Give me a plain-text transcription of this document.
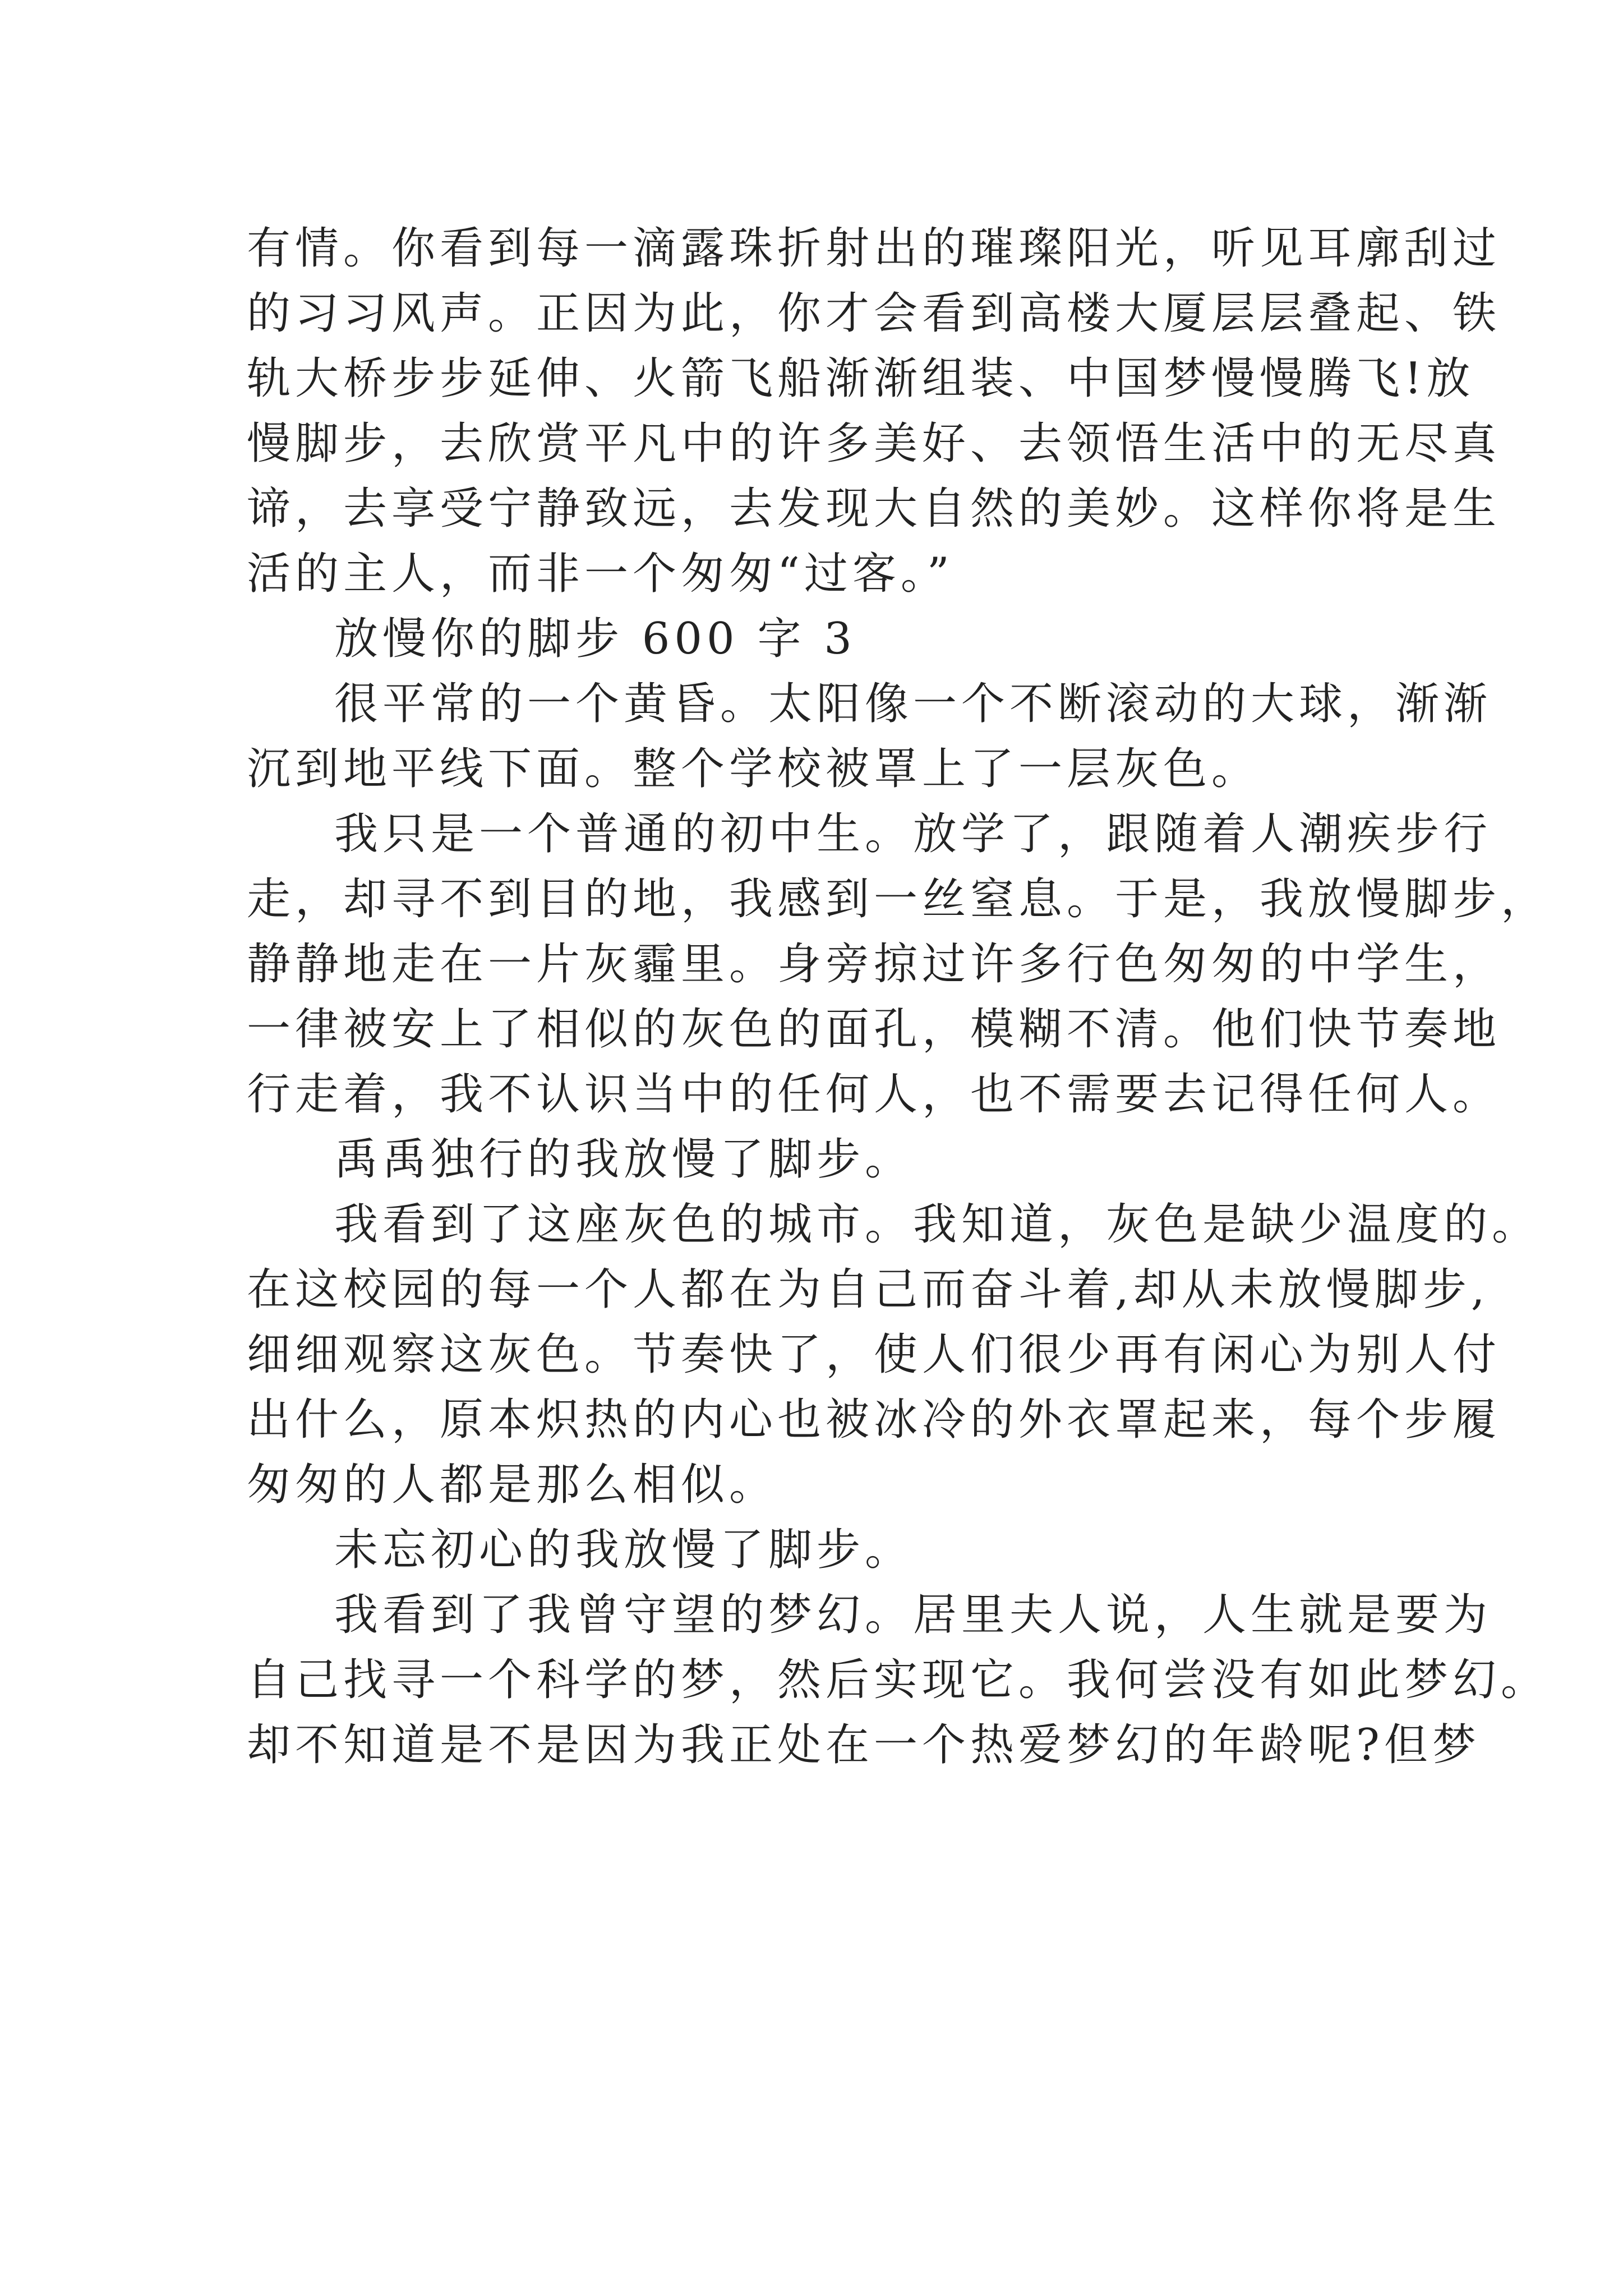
有情。你看到每一滴露珠折射出的璀璨阳光，听见耳廓刮过
的习习风声。正因为此，你才会看到高楼大厦层层叠起、铁
轨大桥步步延伸、火箭飞船渐渐组装、中国梦慢慢腾飞!放
慢脚步，去欣赏平凡中的许多美好、去领悟生活中的无尽真
谛，去享受宁静致远，去发现大自然的美妙。这样你将是生
活的主人，而非一个匆匆“过客。”
放慢你的脚步 600 字 3
很平常的一个黄昏。太阳像一个不断滚动的大球，渐渐
沉到地平线下面。整个学校被罩上了一层灰色。
我只是一个普通的初中生。放学了，跟随着人潮疾步行
走，却寻不到目的地，我感到一丝窒息。于是，我放慢脚步，
静静地走在一片灰霾里。身旁掠过许多行色匆匆的中学生，
一律被安上了相似的灰色的面孔，模糊不清。他们快节奏地
行走着，我不认识当中的任何人，也不需要去记得任何人。
禹禹独行的我放慢了脚步。
我看到了这座灰色的城市。我知道，灰色是缺少温度的。
在这校园的每一个人都在为自己而奋斗着,却从未放慢脚步,
细细观察这灰色。节奏快了，使人们很少再有闲心为别人付
出什么，原本炽热的内心也被冰冷的外衣罩起来，每个步履
匆匆的人都是那么相似。
未忘初心的我放慢了脚步。
我看到了我曾守望的梦幻。居里夫人说，人生就是要为
自己找寻一个科学的梦，然后实现它。我何尝没有如此梦幻。
却不知道是不是因为我正处在一个热爱梦幻的年龄呢?但梦
